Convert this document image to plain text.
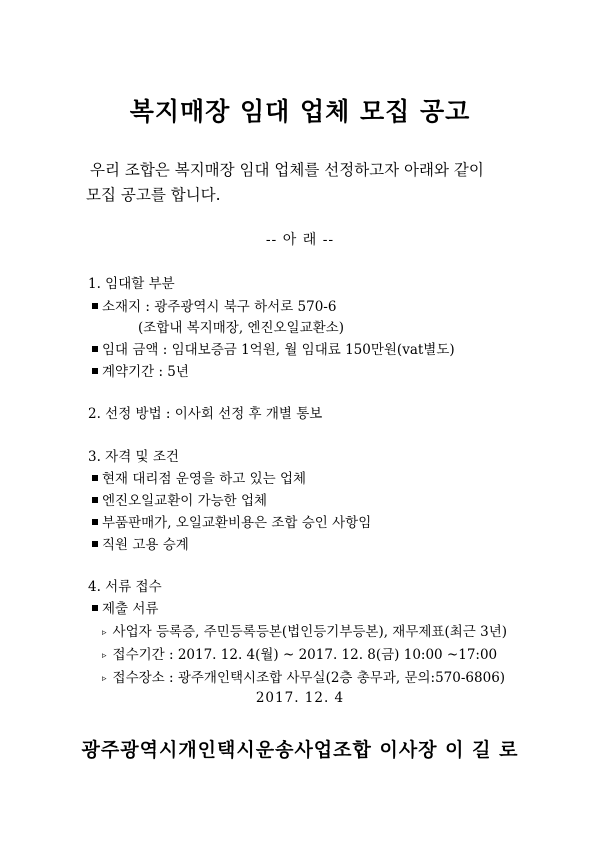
복지매장 임대 업체 모집 공고
우리 조합은 복지매장 임대 업체를 선정하고자 아래와 같이
모집 공고를 합니다.
-- 아 래 --
1. 임대할 부분
소재지 : 광주광역시 북구 하서로 570-6
(조합내 복지매장, 엔진오일교환소)
임대 금액 : 임대보증금 1억원, 월 임대료 150만원(vat별도)
계약기간 : 5년
2. 선정 방법 : 이사회 선정 후 개별 통보
3. 자격 및 조건
현재 대리점 운영을 하고 있는 업체
엔진오일교환이 가능한 업체
부품판매가, 오일교환비용은 조합 승인 사항임
직원 고용 승계
4. 서류 접수
제출 서류
▹ 사업자 등록증, 주민등록등본(법인등기부등본), 재무제표(최근 3년)
▹ 접수기간 : 2017. 12. 4(월) ~ 2017. 12. 8(금) 10:00 ~17:00
▹ 접수장소 : 광주개인택시조합 사무실(2층 총무과, 문의:570-6806)
2017. 12. 4
광주광역시개인택시운송사업조합 이사장 이 길 로
